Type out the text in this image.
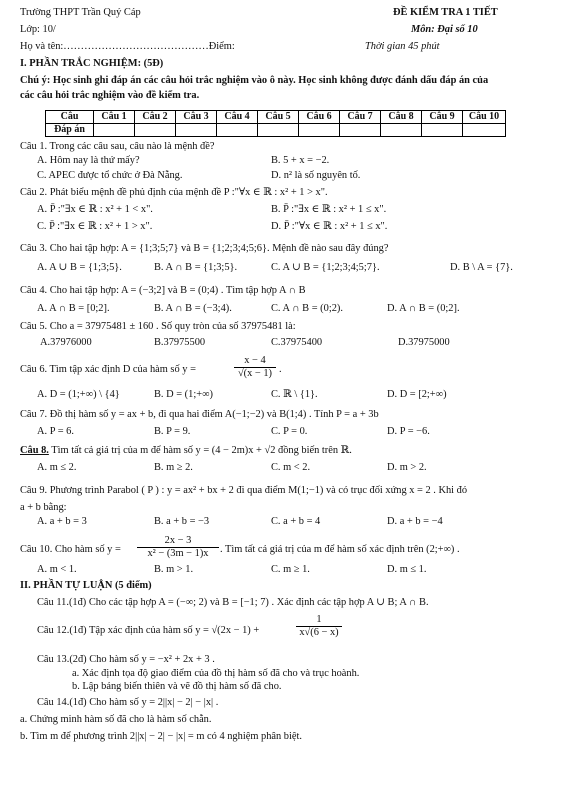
Trường THPT Trần Quý Cáp	ĐỀ KIỂM TRA 1 TIẾT
Lớp: 10/	Môn: Đại số 10
Họ và tên:……………………………………Điểm:	Thời gian 45 phút
I. PHẦN TRẮC NGHIỆM: (5Đ)
Chú ý: Học sinh ghi đáp án các câu hỏi trắc nghiệm vào ô này. Học sinh không được đánh dấu đáp án của
các câu hỏi trắc nghiệm vào đề kiểm tra.
Câu	Câu 1	Câu 2	Câu 3	Câu 4	Câu 5	Câu 6	Câu 7	Câu 8	Câu 9	Câu 10
Đáp án										
Câu 1. Trong các câu sau, câu nào là mệnh đề?
A. Hôm nay là thứ mấy?	B. 5 + x = −2.
C. APEC được tổ chức ở Đà Nẵng.	D. n² là số nguyên tố.
Câu 2. Phát biểu mệnh đề phủ định của mệnh đề P :"∀x ∈ ℝ : x² + 1 > x".
A. P̄ :"∃x ∈ ℝ : x² + 1 < x".	B. P̄ :"∃x ∈ ℝ : x² + 1 ≤ x".
C. P̄ :"∃x ∈ ℝ : x² + 1 > x".	D. P̄ :"∀x ∈ ℝ : x² + 1 ≤ x".
Câu 3. Cho hai tập hợp: A = {1;3;5;7} và B = {1;2;3;4;5;6}. Mệnh đề nào sau đây đúng?
A. A ∪ B = {1;3;5}.	B. A ∩ B = {1;3;5}.	C. A ∪ B = {1;2;3;4;5;7}.	D. B \ A = {7}.
Câu 4. Cho hai tập hợp: A = (−3;2] và B = (0;4) . Tìm tập hợp A ∩ B
A. A ∩ B = [0;2].	B. A ∩ B = (−3;4).	C. A ∩ B = (0;2).	D. A ∩ B = (0;2].
Câu 5. Cho a = 37975481 ± 160 . Số quy tròn của số 37975481 là:
A.37976000	B.37975500	C.37975400	D.37975000
Câu 6. Tìm tập xác định D của hàm số y =	$\frac{x - 4}{√(x - 1)}$ .
A. D = (1;+∞) \ {4}	B. D = (1;+∞)	C. ℝ \ {1}.	D. D = [2;+∞)
Câu 7. Đồ thị hàm số y = ax + b, đi qua hai điểm A(−1;−2) và B(1;4) . Tính P = a + 3b
A. P = 6.	B. P = 9.	C. P = 0.	D. P = −6.
Câu 8. Tìm tất cả giá trị của m để hàm số y = (4 − 2m)x + √2 đồng biến trên ℝ.
A. m ≤ 2.	B. m ≥ 2.	C. m < 2.	D. m > 2.
Câu 9. Phương trình Parabol ( P ) : y = ax² + bx + 2 đi qua điểm M(1;−1) và có trục đối xứng x = 2 . Khi đó
a + b bằng:
A. a + b = 3	B. a + b = −3	C. a + b = 4	D. a + b = −4
Câu 10. Cho hàm số $y = \frac{2x - 3}{\text{x² − (3m − 1)x}}$ . Tìm tất cả giá trị của m để hàm số xác định trên (2;+∞) .
A. m < 1.	B. m > 1.	C. m ≥ 1.	D. m ≤ 1.
II. PHẦN TỰ LUẬN (5 điểm)
Câu 11.(1đ) Cho các tập hợp A = (−∞; 2) và B = [−1; 7) . Xác định các tập hợp A ∪ B; A ∩ B.
Câu 12.(1đ) Tập xác định của hàm số y = √(2x − 1) +	$\frac{1}{x√(6 - x)}$
Câu 13.(2đ) Cho hàm số y = −x² + 2x + 3 .
a. Xác định tọa độ giao điểm của đồ thị hàm số đã cho và trục hoành.
b. Lập bảng biến thiên và vẽ đồ thị hàm số đã cho.
Câu 14.(1đ) Cho hàm số y = 2||x| − 2| − |x| .
a. Chứng minh hàm số đã cho là hàm số chẵn.
b. Tìm m để phương trình 2||x| − 2| − |x| = m có 4 nghiệm phân biệt.
